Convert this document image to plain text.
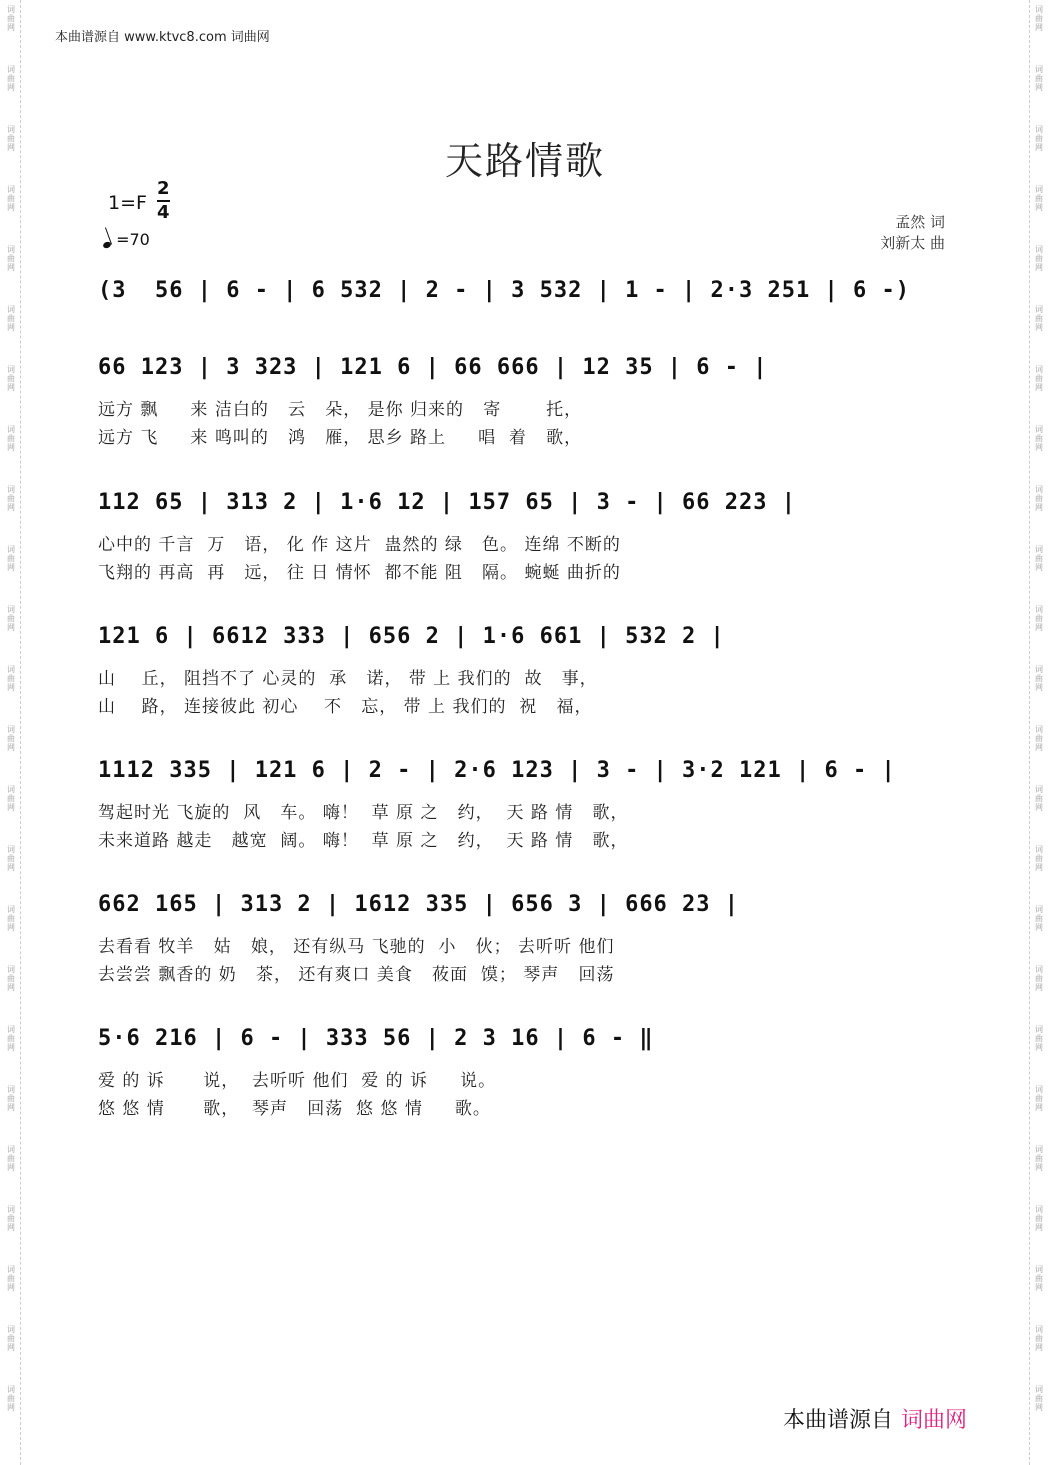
词
曲
网
词
曲
网
词
曲
网
词
曲
网
词
曲
网
词
曲
网
词
曲
网
词
曲
网
词
曲
网
词
曲
网
词
曲
网
词
曲
网
词
曲
网
词
曲
网
词
曲
网
词
曲
网
词
曲
网
词
曲
网
词
曲
网
词
曲
网
词
曲
网
词
曲
网
词
曲
网
词
曲
网
词
曲
网
词
曲
网
词
曲
网
词
曲
网
词
曲
网
词
曲
网
词
曲
网
词
曲
网
词
曲
网
词
曲
网
词
曲
网
词
曲
网
词
曲
网
词
曲
网
词
曲
网
词
曲
网
词
曲
网
词
曲
网
词
曲
网
词
曲
网
词
曲
网
词
曲
网
词
曲
网
词
曲
网
本曲谱源自 www.ktvc8.com 词曲网
天路情歌
1=F
2
4
=70
孟然 词
刘新太 曲
(3  56 | 6 - | 6 532 | 2 - | 3 532 | 1 - | 2·3 251 | 6 -)
66 123 | 3 323 | 121 6 | 66 666 | 12 35 | 6 - |
远方 飘     来 洁白的   云   朵， 是你 归来的   寄       托，
远方 飞     来 鸣叫的   鸿   雁， 思乡 路上     唱  着   歌，
112 65 | 313 2 | 1·6 12 | 157 65 | 3 - | 66 223 |
心中的 千言  万   语， 化 作 这片  蛊然的 绿   色。 连绵 不断的
飞翔的 再高  再   远， 往 日 情怀  都不能 阻   隔。 蜿蜒 曲折的
121 6 | 6612 333 | 656 2 | 1·6 661 | 532 2 |
山    丘， 阻挡不了 心灵的  承   诺， 带 上 我们的  故   事，
山    路， 连接彼此 初心    不   忘， 带 上 我们的  祝   福，
1112 335 | 121 6 | 2 - | 2·6 123 | 3 - | 3·2 121 | 6 - |
驾起时光 飞旋的  风   车。 嗨！  草 原 之   约，  天 路 情   歌，
未来道路 越走   越宽  阔。 嗨！  草 原 之   约，  天 路 情   歌，
662 165 | 313 2 | 1612 335 | 656 3 | 666 23 |
去看看 牧羊   姑   娘， 还有纵马 飞驰的  小   伙； 去听听 他们
去尝尝 飘香的 奶   茶， 还有爽口 美食   莜面  馍； 琴声   回荡
5·6 216 | 6 - | 333 56 | 2 3 16 | 6 - ‖
爱 的 诉      说，  去听听 他们  爱 的 诉     说。
悠 悠 情      歌，  琴声   回荡  悠 悠 情     歌。
本曲谱源自 词曲网
